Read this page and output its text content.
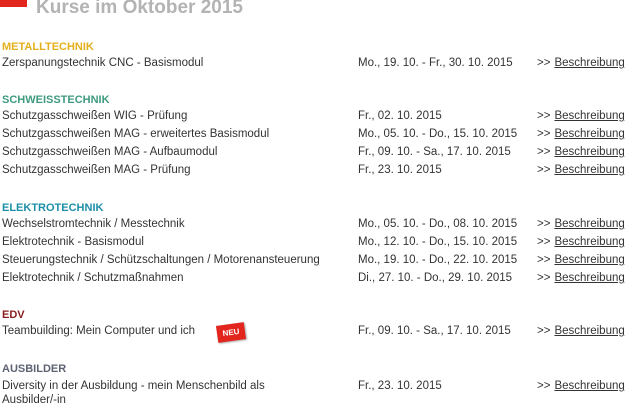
Kurse im Oktober 2015
METALLTECHNIK
Zerspanungstechnik CNC - Basismodul	Mo., 19. 10. - Fr., 30. 10. 2015 >> Beschreibung
SCHWEISSTECHNIK
Schutzgasschweißen WIG - Prüfung	Fr., 02. 10. 2015	>> Beschreibung
Schutzgasschweißen MAG - erweitertes Basismodul	Mo., 05. 10. - Do., 15. 10. 2015 >> Beschreibung
Schutzgasschweißen MAG - Aufbaumodul	Fr., 09. 10. - Sa., 17. 10. 2015 >> Beschreibung
Schutzgasschweißen MAG - Prüfung	Fr., 23. 10. 2015	>> Beschreibung
ELEKTROTECHNIK
Wechselstromtechnik / Messtechnik	Mo., 05. 10. - Do., 08. 10. 2015 >> Beschreibung
Elektrotechnik - Basismodul	Mo., 12. 10. - Do., 15. 10. 2015 >> Beschreibung
Steuerungstechnik / Schützschaltungen / Motorenansteuerung	Mo., 19. 10. - Do., 22. 10. 2015 >> Beschreibung
Elektrotechnik / Schutzmaßnahmen	Di., 27. 10. - Do., 29. 10. 2015 >> Beschreibung
EDV
Teambuilding: Mein Computer und ich	NEU	Fr., 09. 10. - Sa., 17. 10. 2015 >> Beschreibung
AUSBILDER
Diversity in der Ausbildung - mein Menschenbild als Ausbilder/-in
Fr., 23. 10. 2015	>> Beschreibung
